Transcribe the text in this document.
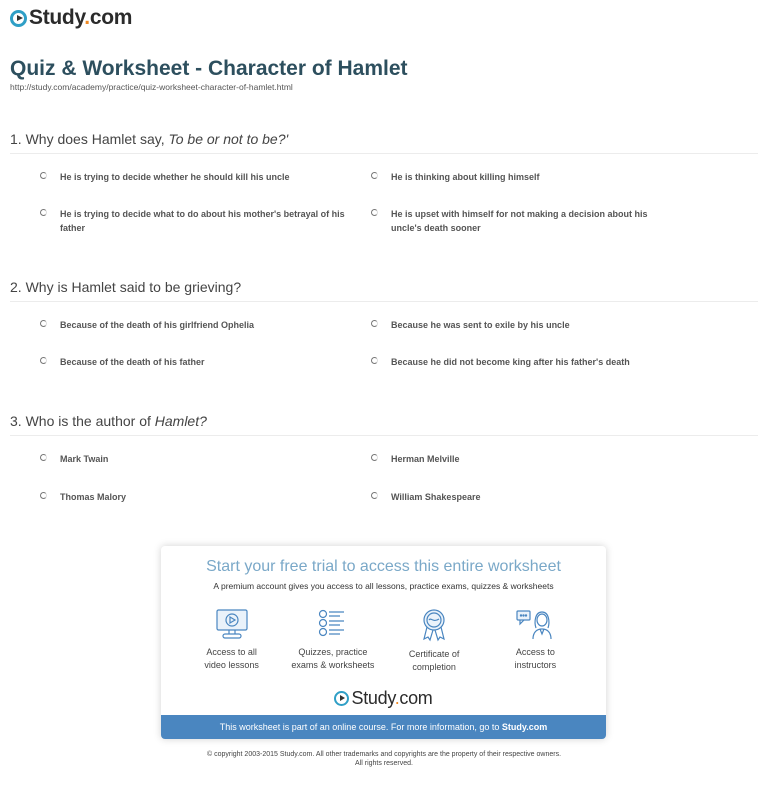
Study.com
Quiz & Worksheet - Character of Hamlet
http://study.com/academy/practice/quiz-worksheet-character-of-hamlet.html
1. Why does Hamlet say, To be or not to be?'
He is trying to decide whether he should kill his uncle	He is thinking about killing himself
He is trying to decide what to do about his mother's betrayal of his father
He is upset with himself for not making a decision about his uncle's death sooner
2. Why is Hamlet said to be grieving?
Because of the death of his girlfriend Ophelia	Because he was sent to exile by his uncle
Because of the death of his father	Because he did not become king after his father's death
3. Who is the author of Hamlet?
Mark Twain	Herman Melville
Thomas Malory	William Shakespeare
Start your free trial to access this entire worksheet
A premium account gives you access to all lessons, practice exams, quizzes & worksheets
Access to all
video lessons
Quizzes, practice
exams & worksheets
Certificate of
completion
Access to
instructors
Study.com
This worksheet is part of an online course. For more information, go to Study.com
© copyright 2003-2015 Study.com. All other trademarks and copyrights are the property of their respective owners.
All rights reserved.
